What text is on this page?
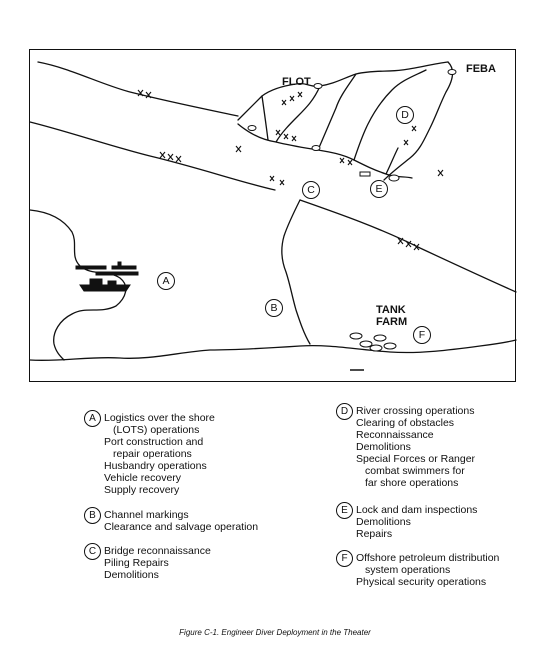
FLOT
FEBA
TANK
FARM
A
B
C
D
E
F
A Logistics over the shore
(LOTS) operations
Port construction and
repair operations
Husbandry operations
Vehicle recovery
Supply recovery
B Channel markings
Clearance and salvage operation
C Bridge reconnaissance
Piling Repairs
Demolitions
D River crossing operations
Clearing of obstacles
Reconnaissance
Demolitions
Special Forces or Ranger
combat swimmers for
far shore operations
E Lock and dam inspections
Demolitions
Repairs
F Offshore petroleum distribution
system operations
Physical security operations
Figure C-1. Engineer Diver Deployment in the Theater
